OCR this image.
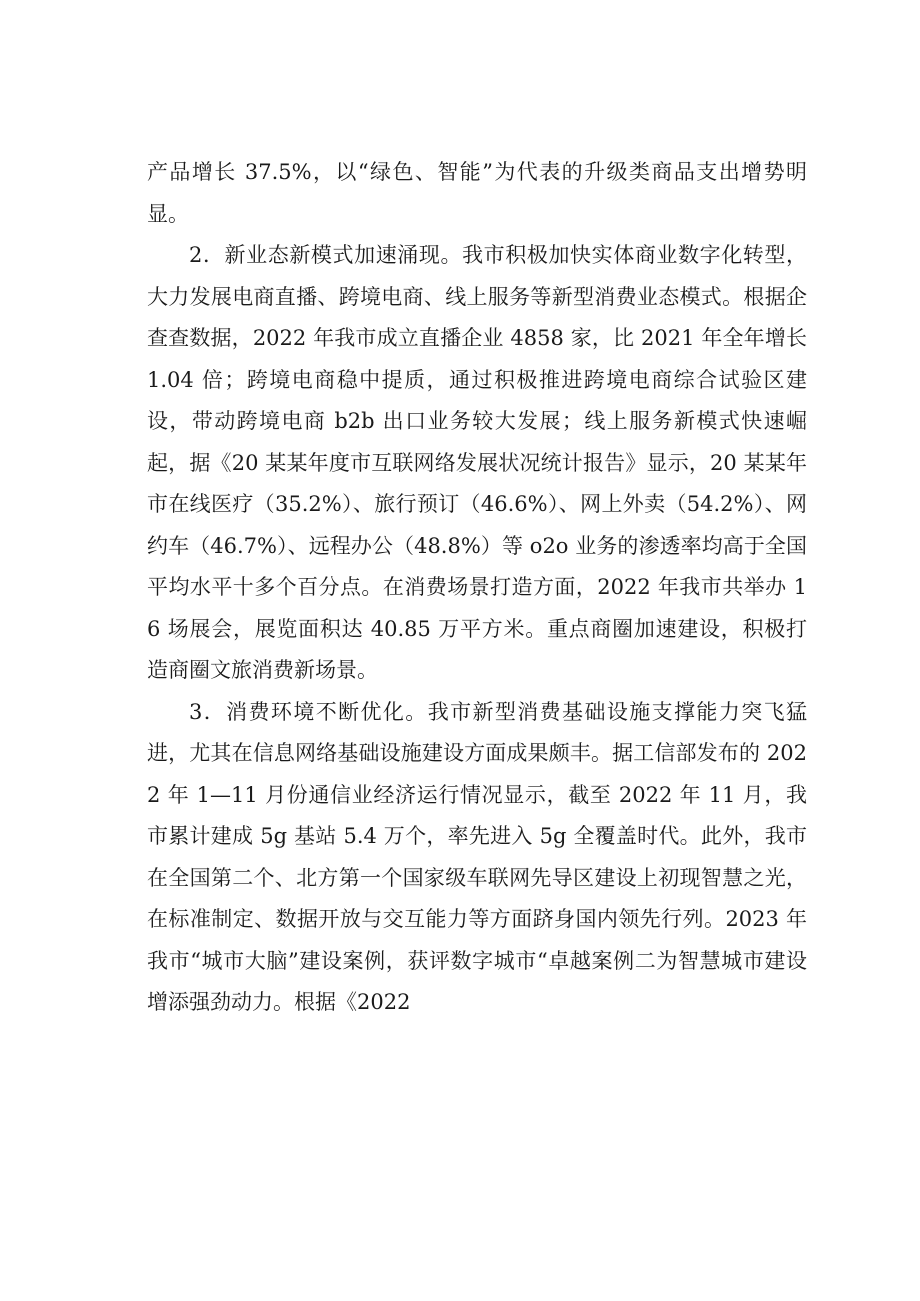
产品增长 37.5%，以“绿色、智能”为代表的升级类商品支出增势明显。

2．新业态新模式加速涌现。我市积极加快实体商业数字化转型，大力发展电商直播、跨境电商、线上服务等新型消费业态模式。根据企查查数据，2022 年我市成立直播企业 4858 家，比 2021 年全年增长 1.04 倍；跨境电商稳中提质，通过积极推进跨境电商综合试验区建设，带动跨境电商 b2b 出口业务较大发展；线上服务新模式快速崛起，据《20 某某年度市互联网络发展状况统计报告》显示，20 某某年市在线医疗（35.2%）、旅行预订（46.6%）、网上外卖（54.2%）、网约车（46.7%）、远程办公（48.8%）等 o2o 业务的渗透率均高于全国平均水平十多个百分点。在消费场景打造方面，2022 年我市共举办 16 场展会，展览面积达 40.85 万平方米。重点商圈加速建设，积极打造商圈文旅消费新场景。

3．消费环境不断优化。我市新型消费基础设施支撑能力突飞猛进，尤其在信息网络基础设施建设方面成果颇丰。据工信部发布的 2022 年 1—11 月份通信业经济运行情况显示，截至 2022 年 11 月，我市累计建成 5g 基站 5.4 万个，率先进入 5g 全覆盖时代。此外，我市在全国第二个、北方第一个国家级车联网先导区建设上初现智慧之光，在标准制定、数据开放与交互能力等方面跻身国内领先行列。2023 年我市“城市大脑”建设案例，获评数字城市“卓越案例二为智慧城市建设增添强劲动力。根据《2022
